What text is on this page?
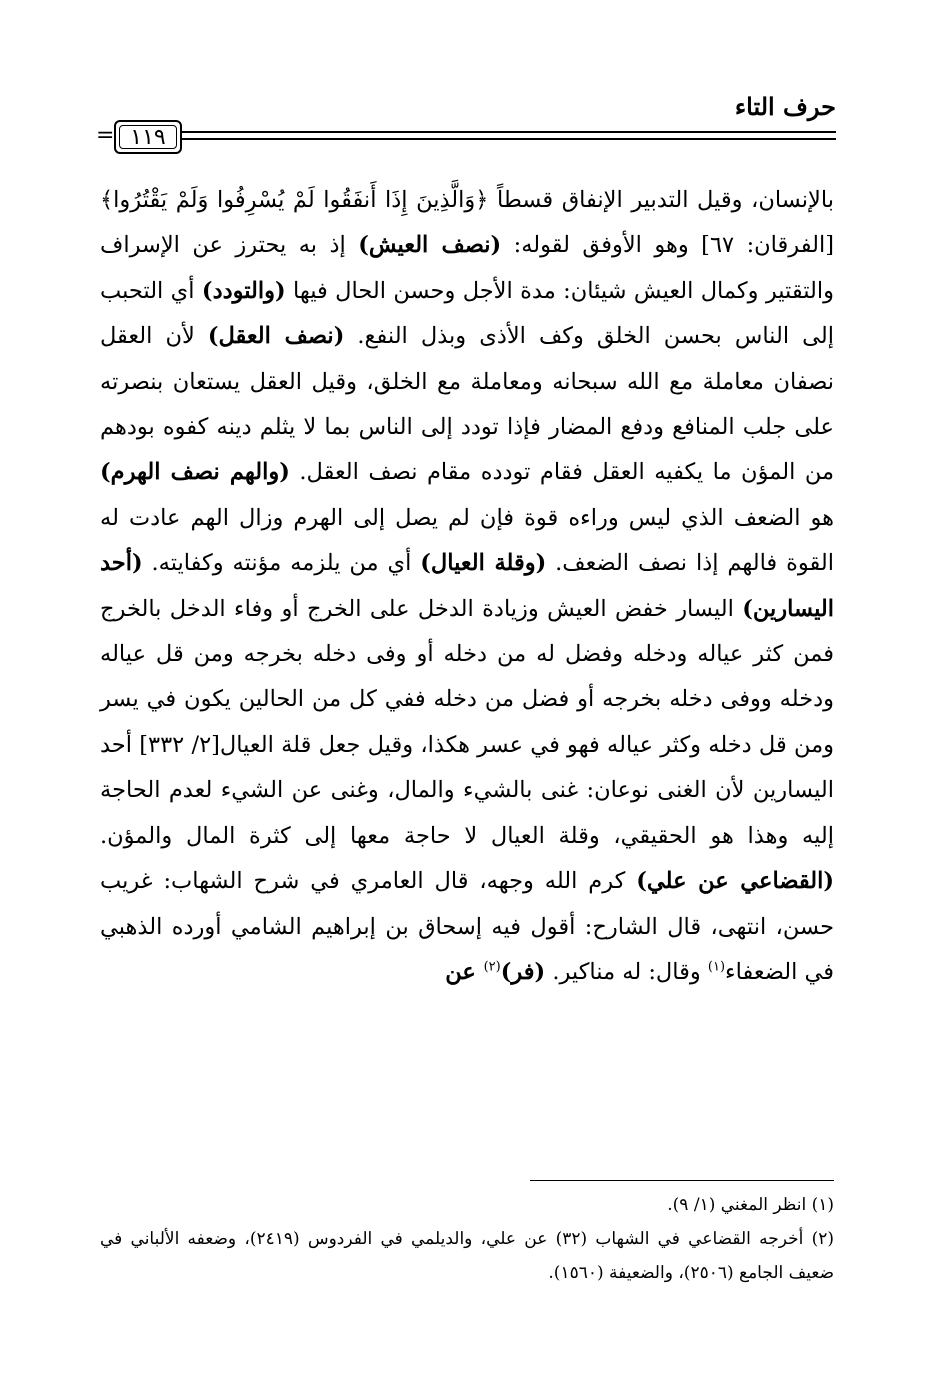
حرف التاء
١١٩
=

بالإنسان، وقيل التدبير الإنفاق قسطاً ﴿وَالَّذِينَ إِذَا أَنفَقُوا لَمْ يُسْرِفُوا وَلَمْ يَقْتُرُوا﴾ [الفرقان: ٦٧] وهو الأوفق لقوله: (نصف العيش) إذ به يحترز عن الإسراف والتقتير وكمال العيش شيئان: مدة الأجل وحسن الحال فيها (والتودد) أي التحبب إلى الناس بحسن الخلق وكف الأذى وبذل النفع. (نصف العقل) لأن العقل نصفان معاملة مع الله سبحانه ومعاملة مع الخلق، وقيل العقل يستعان بنصرته على جلب المنافع ودفع المضار فإذا تودد إلى الناس بما لا يثلم دينه كفوه بودهم من المؤن ما يكفيه العقل فقام تودده مقام نصف العقل. (والهم نصف الهرم) هو الضعف الذي ليس وراءه قوة فإن لم يصل إلى الهرم وزال الهم عادت له القوة فالهم إذا نصف الضعف. (وقلة العيال) أي من يلزمه مؤنته وكفايته. (أحد اليسارين) اليسار خفض العيش وزيادة الدخل على الخرج أو وفاء الدخل بالخرج فمن كثر عياله ودخله وفضل له من دخله أو وفى دخله بخرجه ومن قل عياله ودخله ووفى دخله بخرجه أو فضل من دخله ففي كل من الحالين يكون في يسر ومن قل دخله وكثر عياله فهو في عسر هكذا، وقيل جعل قلة العيال[٢/ ٣٣٢] أحد اليسارين لأن الغنى نوعان: غنى بالشيء والمال، وغنى عن الشيء لعدم الحاجة إليه وهذا هو الحقيقي، وقلة العيال لا حاجة معها إلى كثرة المال والمؤن. (القضاعي عن علي) كرم الله وجهه، قال العامري في شرح الشهاب: غريب حسن، انتهى، قال الشارح: أقول فيه إسحاق بن إبراهيم الشامي أورده الذهبي في الضعفاء$^{(١)}$ وقال: له مناكير. (فر)$^{(٢)}$ عن

(١) انظر المغني (١/ ٩).
(٢) أخرجه القضاعي في الشهاب (٣٢) عن علي، والديلمي في الفردوس (٢٤١٩)، وضعفه الألباني في ضعيف الجامع (٢٥٠٦)، والضعيفة (١٥٦٠).
